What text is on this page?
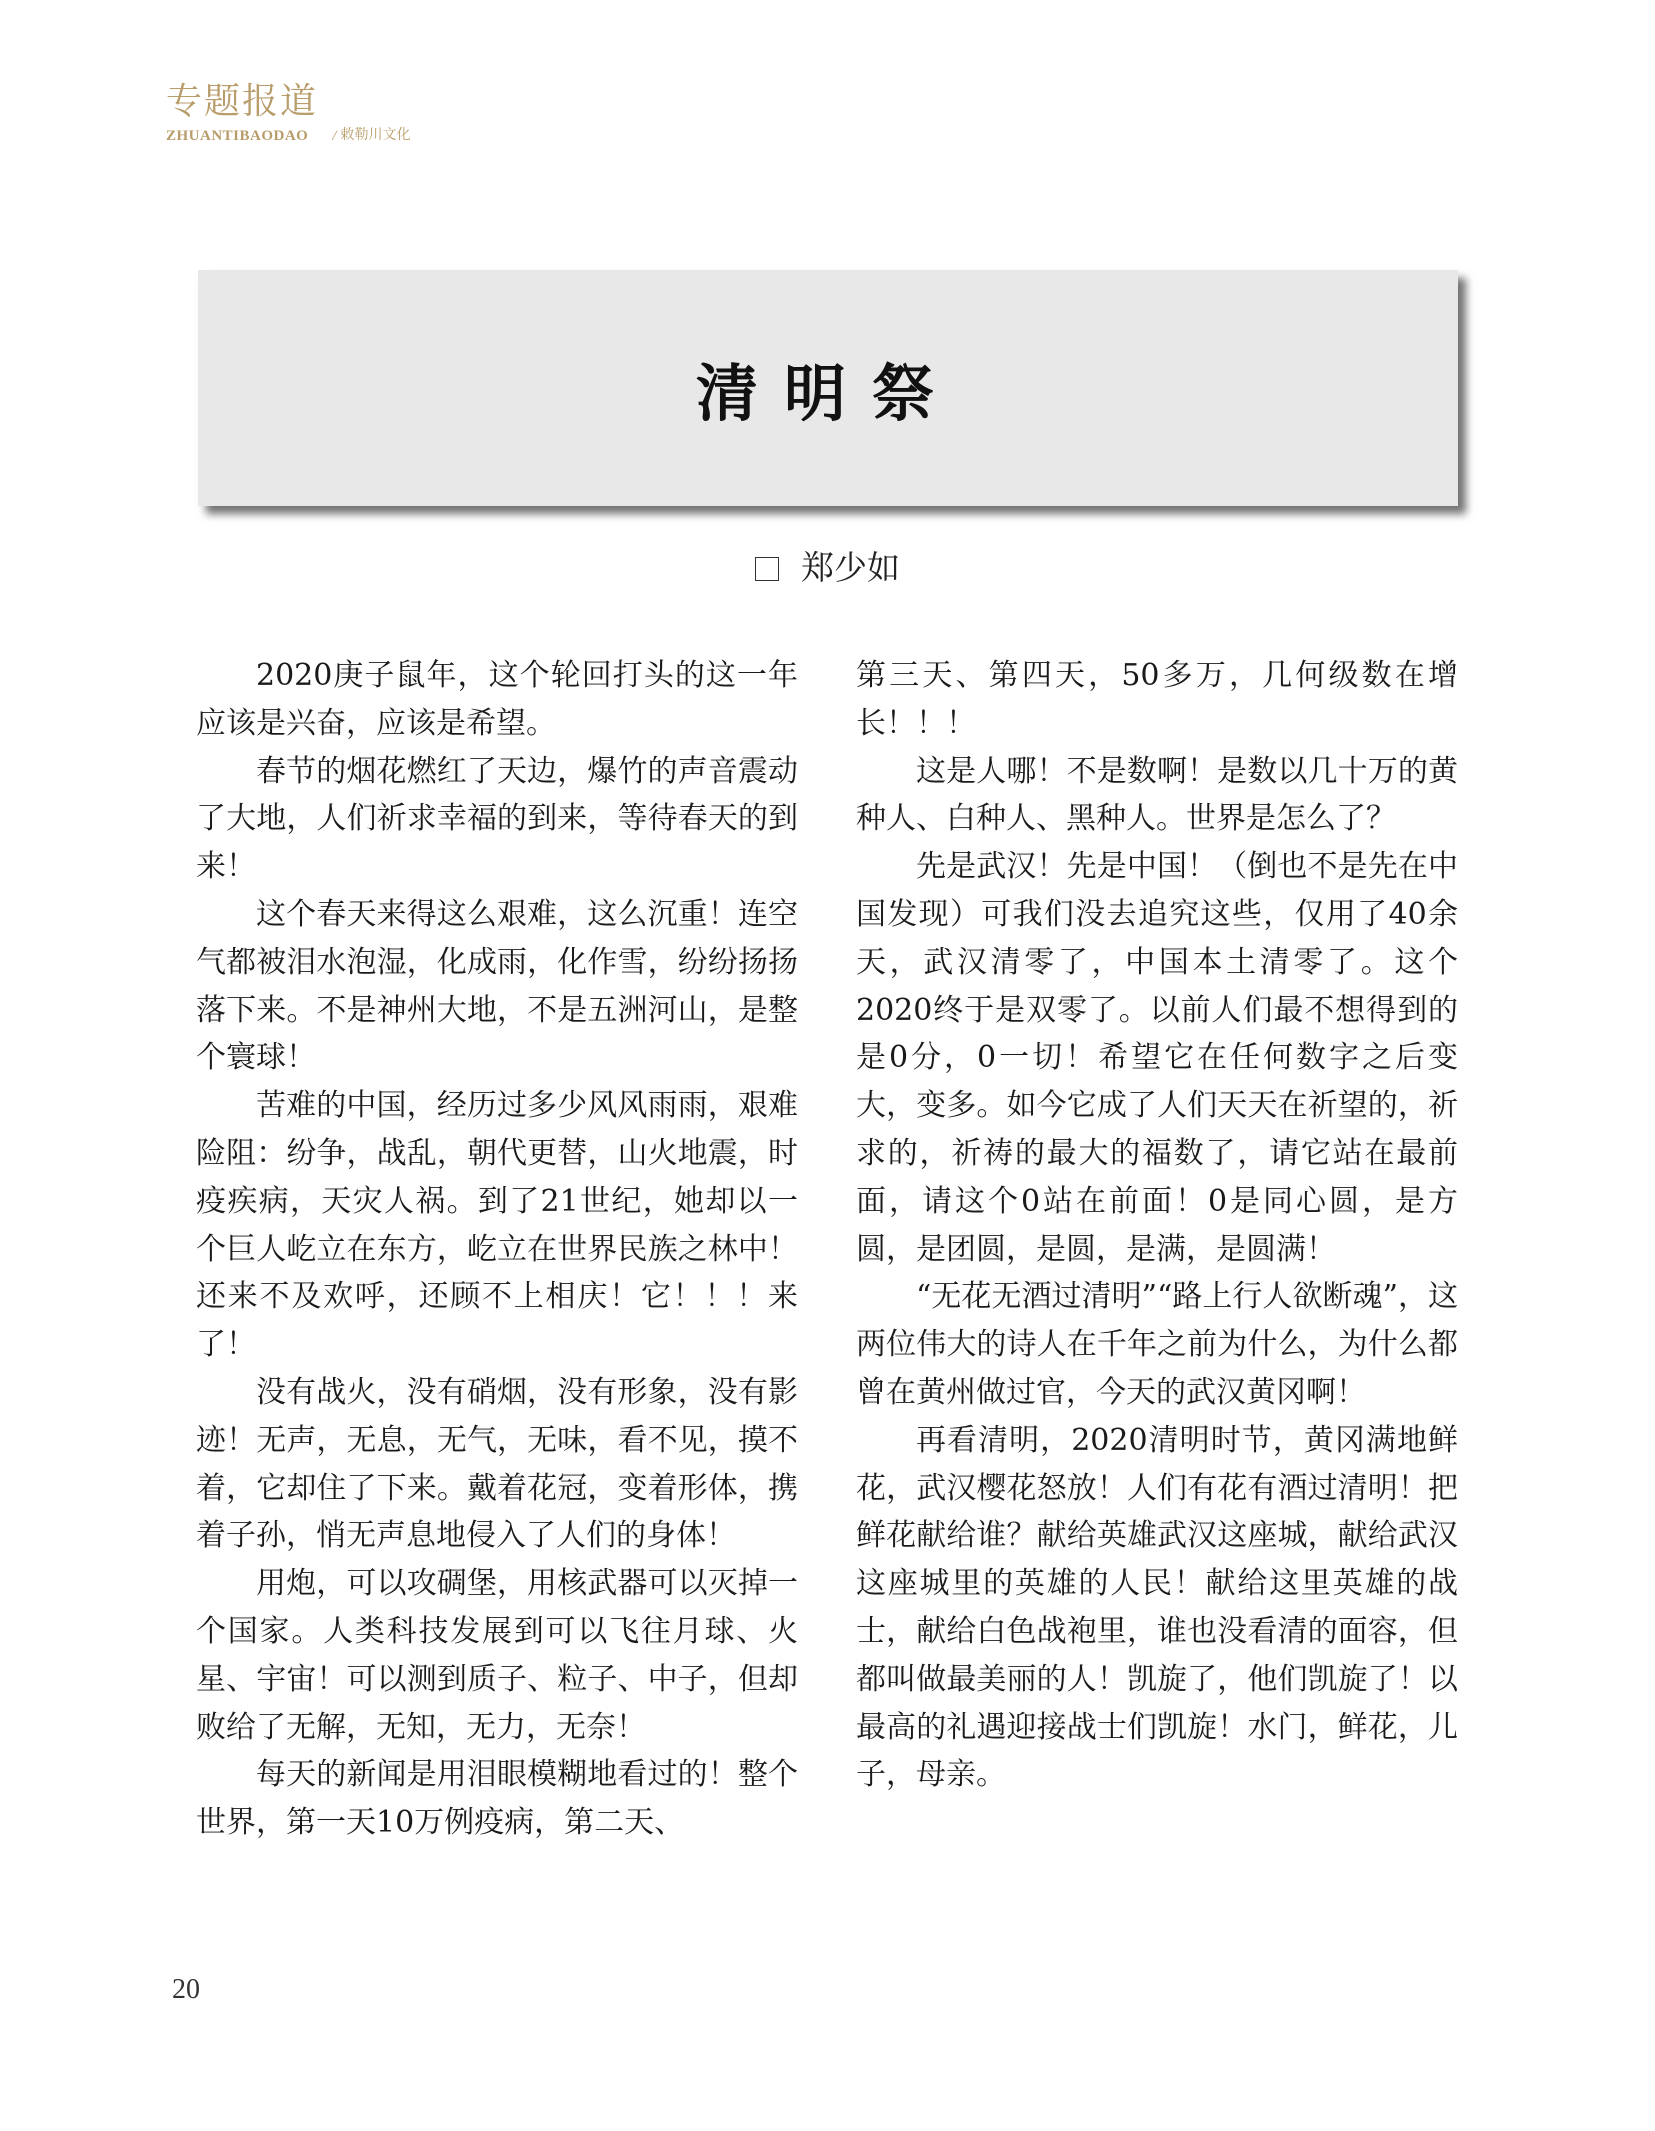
专题报道
ZHUANTIBAODAO / 敕勒川文化
清明祭
郑少如

2020庚子鼠年，这个轮回打头的这一年应该是兴奋，应该是希望。

春节的烟花燃红了天边，爆竹的声音震动了大地，人们祈求幸福的到来，等待春天的到来！

这个春天来得这么艰难，这么沉重！连空气都被泪水泡湿，化成雨，化作雪，纷纷扬扬落下来。不是神州大地，不是五洲河山，是整个寰球！

苦难的中国，经历过多少风风雨雨，艰难险阻：纷争，战乱，朝代更替，山火地震，时疫疾病，天灾人祸。到了21世纪，她却以一个巨人屹立在东方，屹立在世界民族之林中！还来不及欢呼，还顾不上相庆！它！！！来了！

没有战火，没有硝烟，没有形象，没有影迹！无声，无息，无气，无味，看不见，摸不着，它却住了下来。戴着花冠，变着形体，携着子孙，悄无声息地侵入了人们的身体！

用炮，可以攻碉堡，用核武器可以灭掉一个国家。人类科技发展到可以飞往月球、火星、宇宙！可以测到质子、粒子、中子，但却败给了无解，无知，无力，无奈！

每天的新闻是用泪眼模糊地看过的！整个世界，第一天10万例疫病，第二天、

第三天、第四天，50多万，几何级数在增长！！！

这是人哪！不是数啊！是数以几十万的黄种人、白种人、黑种人。世界是怎么了？

先是武汉！先是中国！（倒也不是先在中国发现）可我们没去追究这些，仅用了40余天，武汉清零了，中国本土清零了。这个2020终于是双零了。以前人们最不想得到的是0分，0一切！希望它在任何数字之后变大，变多。如今它成了人们天天在祈望的，祈求的，祈祷的最大的福数了，请它站在最前面，请这个0站在前面！0是同心圆，是方圆，是团圆，是圆，是满，是圆满！

“无花无酒过清明”“路上行人欲断魂”，这两位伟大的诗人在千年之前为什么，为什么都曾在黄州做过官，今天的武汉黄冈啊！

再看清明，2020清明时节，黄冈满地鲜花，武汉樱花怒放！人们有花有酒过清明！把鲜花献给谁？献给英雄武汉这座城，献给武汉这座城里的英雄的人民！献给这里英雄的战士，献给白色战袍里，谁也没看清的面容，但都叫做最美丽的人！凯旋了，他们凯旋了！以最高的礼遇迎接战士们凯旋！水门，鲜花，儿子，母亲。

20
